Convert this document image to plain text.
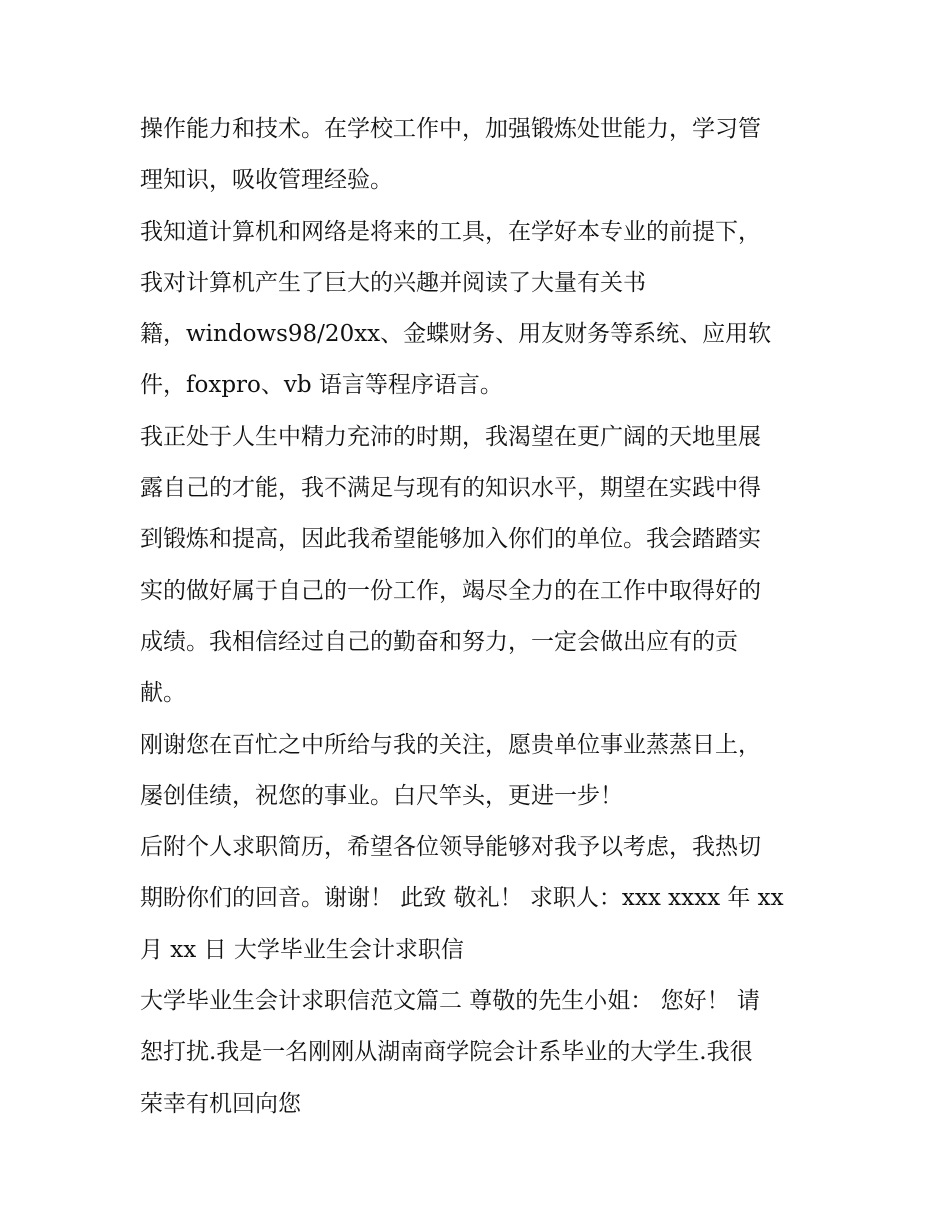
操作能力和技术。在学校工作中，加强锻炼处世能力，学习管
理知识，吸收管理经验。
我知道计算机和网络是将来的工具，在学好本专业的前提下，
我对计算机产生了巨大的兴趣并阅读了大量有关书
籍，windows98/20xx、金蝶财务、用友财务等系统、应用软
件，foxpro、vb 语言等程序语言。
我正处于人生中精力充沛的时期，我渴望在更广阔的天地里展
露自己的才能，我不满足与现有的知识水平，期望在实践中得
到锻炼和提高，因此我希望能够加入你们的单位。我会踏踏实
实的做好属于自己的一份工作，竭尽全力的在工作中取得好的
成绩。我相信经过自己的勤奋和努力，一定会做出应有的贡
献。
刚谢您在百忙之中所给与我的关注，愿贵单位事业蒸蒸日上，
屡创佳绩，祝您的事业。白尺竿头，更进一步！
后附个人求职简历，希望各位领导能够对我予以考虑，我热切
期盼你们的回音。谢谢！ 此致 敬礼！ 求职人：xxx xxxx 年 xx
月 xx 日 大学毕业生会计求职信
大学毕业生会计求职信范文篇二 尊敬的先生小姐： 您好！ 请
恕打扰.我是一名刚刚从湖南商学院会计系毕业的大学生.我很
荣幸有机回向您
